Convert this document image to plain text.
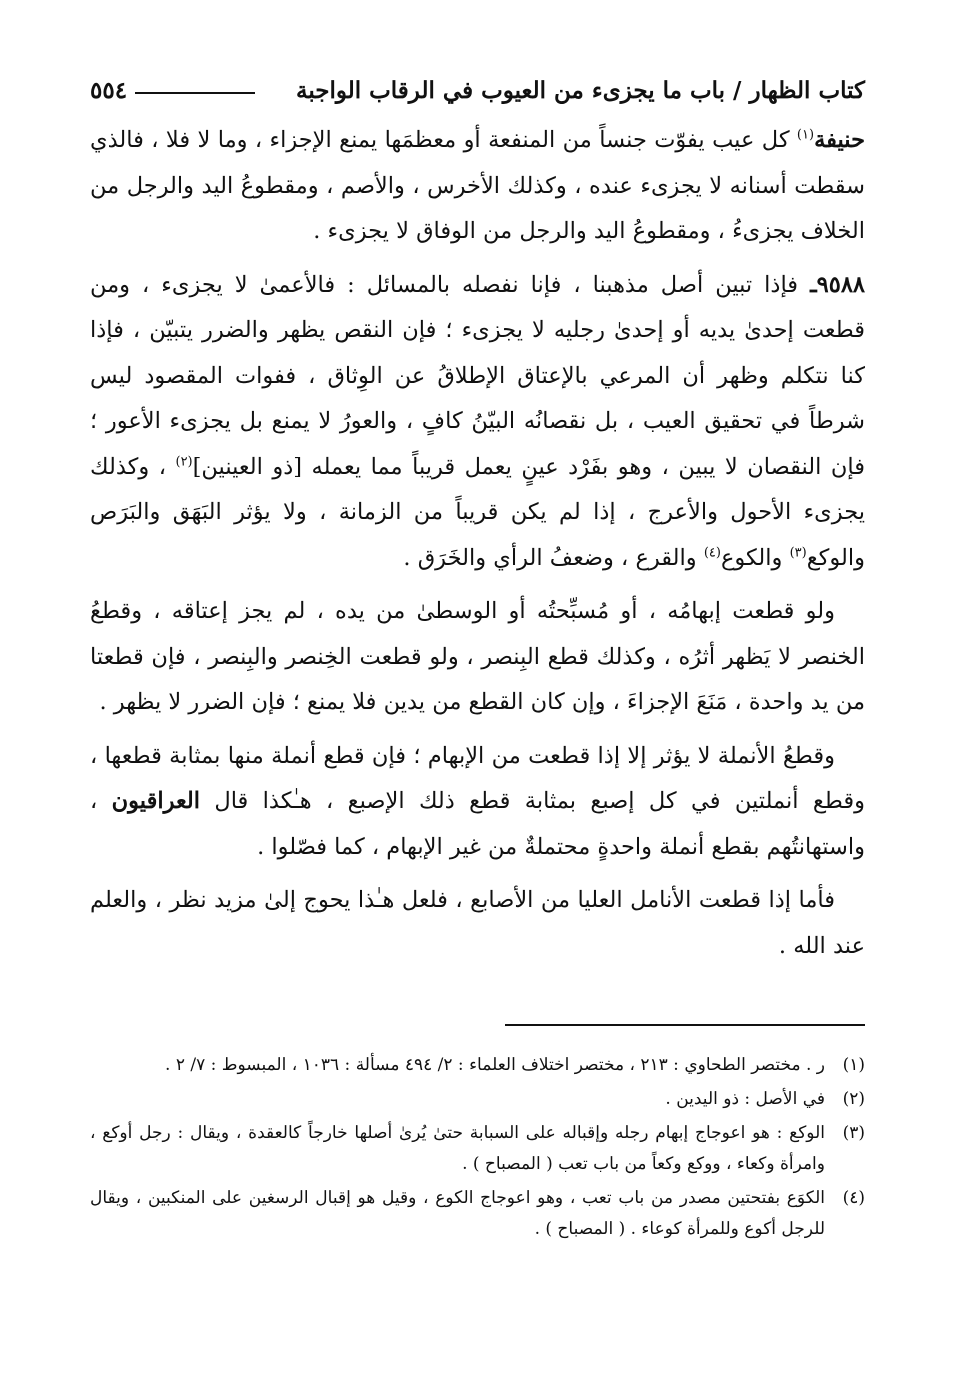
كتاب الظهار / باب ما يجزىء من العيوب في الرقاب الواجبة
٥٥٤

حنيفة$^{(١)}$ كل عيب يفوّت جنساً من المنفعة أو معظمَها يمنع الإجزاء ، وما لا فلا ، فالذي سقطت أسنانه لا يجزىء عنده ، وكذلك الأخرس ، والأصم ، ومقطوعُ اليد والرجل من الخلاف يجزىءُ ، ومقطوعُ اليد والرجل من الوفاق لا يجزىء .

٩٥٨٨ـ فإذا تبين أصل مذهبنا ، فإنا نفصله بالمسائل : فالأعمىٰ لا يجزىء ، ومن قطعت إحدىٰ يديه أو إحدىٰ رجليه لا يجزىء ؛ فإن النقص يظهر والضرر يتبيّن ، فإذا كنا نتكلم وظهر أن المرعي بالإعتاق الإطلاقُ عن الوِثاق ، ففوات المقصود ليس شرطاً في تحقيق العيب ، بل نقصانُه البيّنُ كافٍ ، والعورُ لا يمنع بل يجزىء الأعور ؛ فإن النقصان لا يبين ، وهو بفَرْد عينٍ يعمل قريباً مما يعمله [ذو العينين]$^{(٢)}$ ، وكذلك يجزىء الأحول والأعرج ، إذا لم يكن قريباً من الزمانة ، ولا يؤثر البَهَق والبَرَص والوكع$^{(٣)}$ والكوع$^{(٤)}$ والقرع ، وضعفُ الرأي والخَرَق .

ولو قطعت إبهامُه ، أو مُسبِّحتُه أو الوسطىٰ من يده ، لم يجز إعتاقه ، وقطعُ الخنصر لا يَظهر أثرُه ، وكذلك قطع البِنصر ، ولو قطعت الخِنصر والبِنصر ، فإن قطعتا من يد واحدة ، مَنَعَ الإجزاءَ ، وإن كان القطع من يدين فلا يمنع ؛ فإن الضرر لا يظهر .

وقطعُ الأنملة لا يؤثر إلا إذا قطعت من الإبهام ؛ فإن قطع أنملة منها بمثابة قطعها ، وقطع أنملتين في كل إصبع بمثابة قطع ذلك الإصبع ، هـٰكذا قال العراقيون ، واستهانتُهم بقطع أنملة واحدةٍ محتملةٌ من غير الإبهام ، كما فصّلوا .

فأما إذا قطعت الأنامل العليا من الأصابع ، فلعل هـٰذا يحوج إلىٰ مزيد نظر ، والعلم عند الله .

(١)
ر . مختصر الطحاوي : ٢١٣ ، مختصر اختلاف العلماء : ٢/ ٤٩٤ مسألة : ١٠٣٦ ، المبسوط : ٧/ ٢ .
(٢)
في الأصل : ذو اليدين .
(٣)
الوكع : هو اعوجاج إبهام رجله وإقباله على السبابة حتىٰ يُرىٰ أصلها خارجاً كالعقدة ، ويقال : رجل أوكع ، وامرأة وكعاء ، ووكع وكعاً من باب تعب ( المصباح ) .
(٤)
الكوَع بفتحتين مصدر من باب تعب ، وهو اعوجاج الكوع ، وقيل هو إقبال الرسغين على المنكبين ، ويقال للرجل أكوع وللمرأة كوعاء . ( المصباح ) .
